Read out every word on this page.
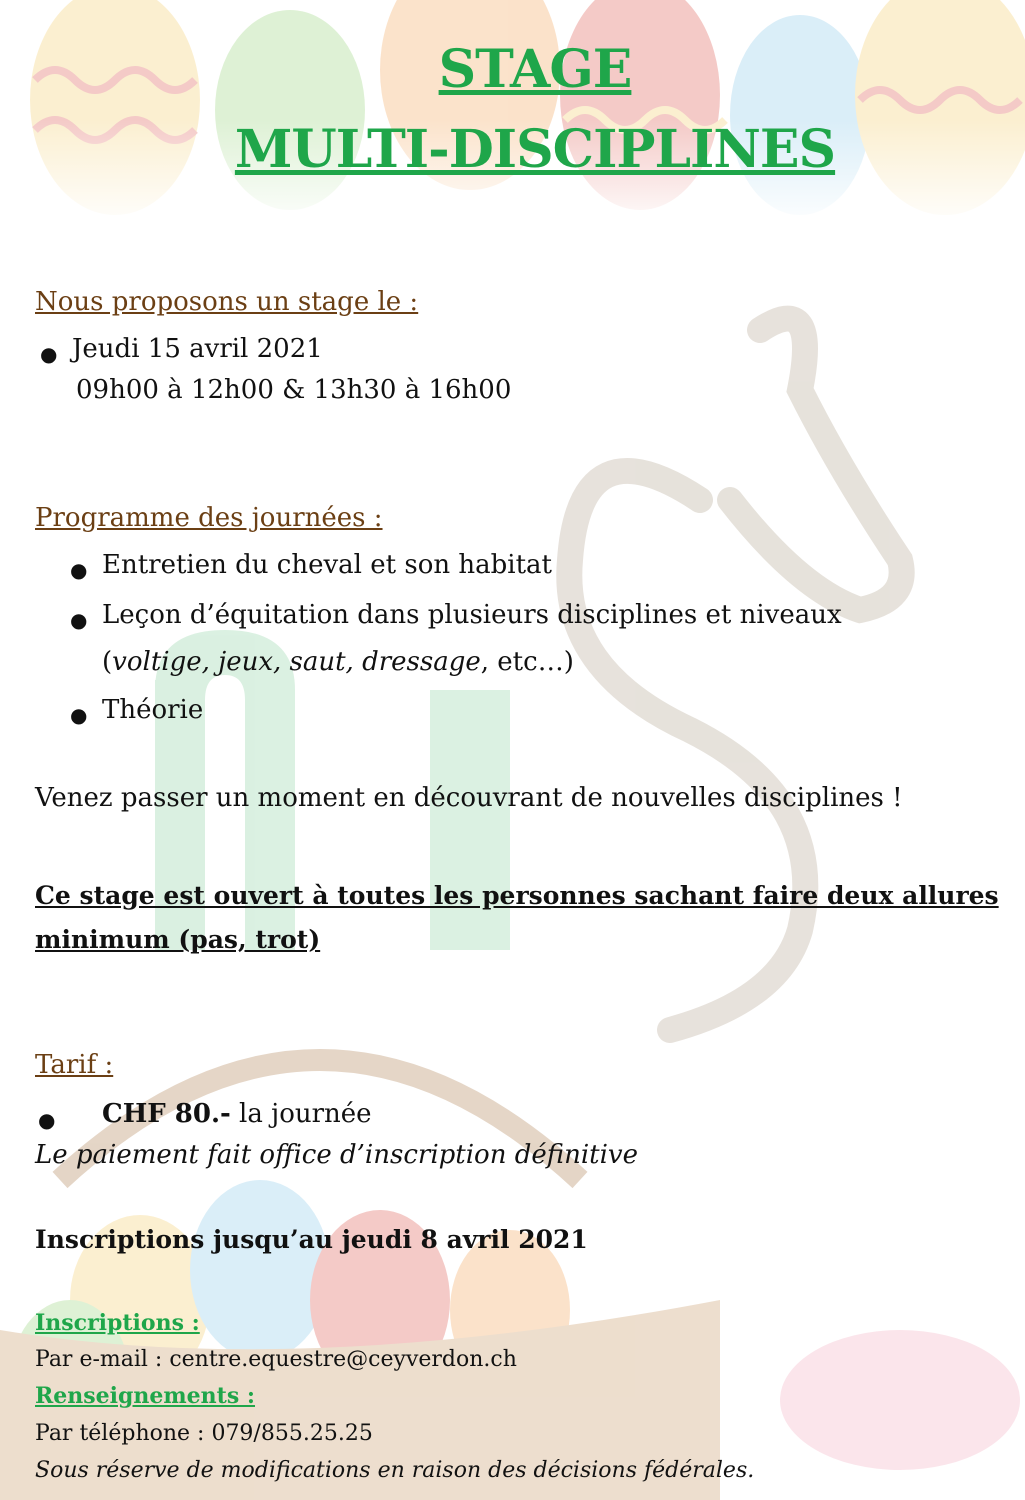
STAGE
MULTI-DISCIPLINES
Nous proposons un stage le :
● Jeudi 15 avril 2021
09h00 à 12h00 & 13h30 à 16h00
Programme des journées :
● Entretien du cheval et son habitat
● Leçon d’équitation dans plusieurs disciplines et niveaux
(voltige, jeux, saut, dressage, etc…)
● Théorie
Venez passer un moment en découvrant de nouvelles disciplines !
Ce stage est ouvert à toutes les personnes sachant faire deux allures
minimum (pas, trot)
Tarif :
● CHF 80.- la journée
Le paiement fait office d’inscription définitive
Inscriptions jusqu’au jeudi 8 avril 2021
Inscriptions :
Par e-mail : centre.equestre@ceyverdon.ch
Renseignements :
Par téléphone : 079/855.25.25
Sous réserve de modifications en raison des décisions fédérales.
